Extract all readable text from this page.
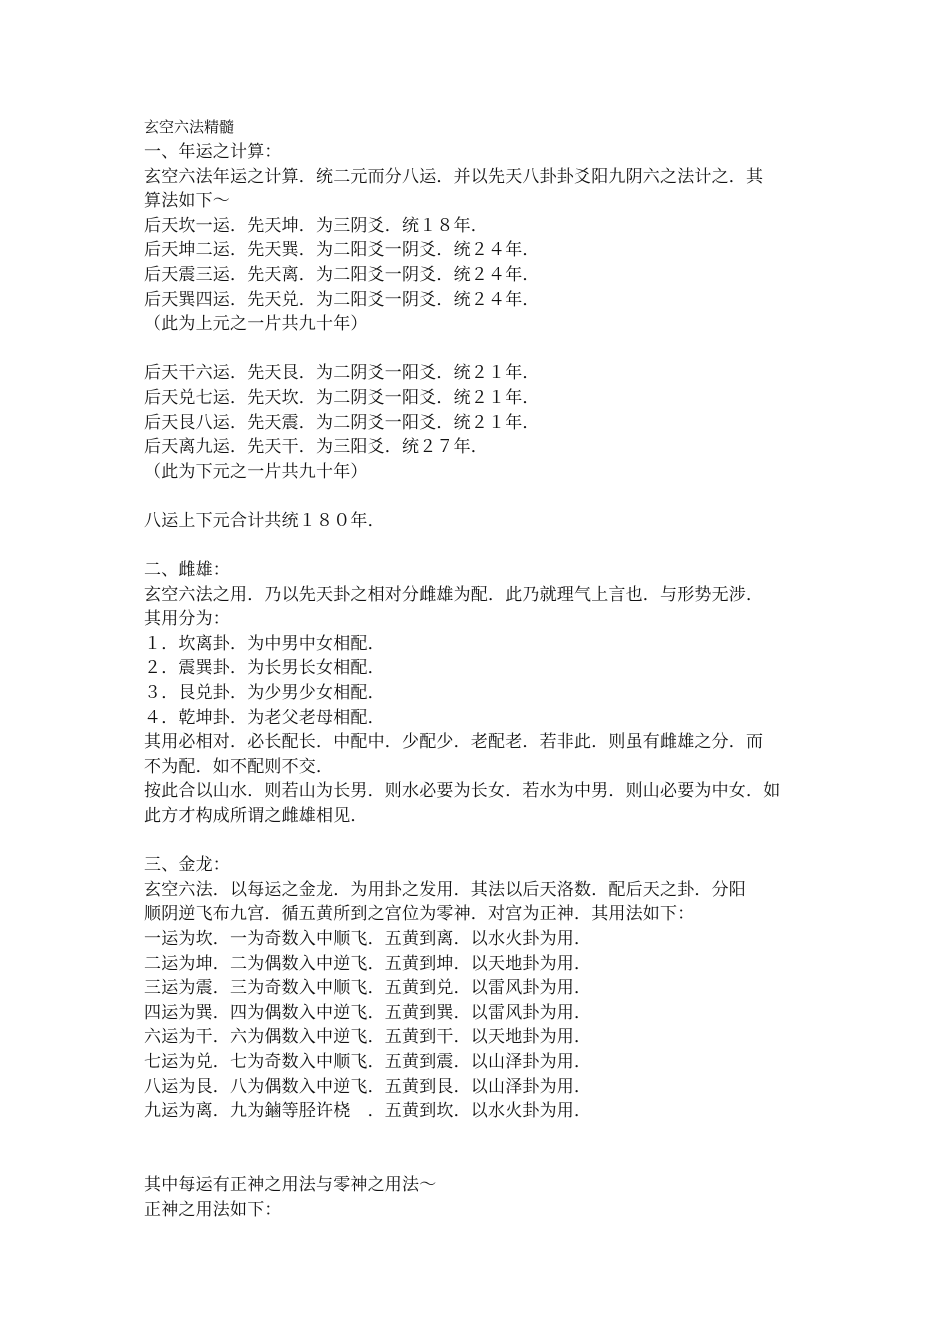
玄空六法精髓
一、年运之计算：
玄空六法年运之计算．统二元而分八运．并以先天八卦卦爻阳九阴六之法计之．其
算法如下～
后天坎一运．先天坤．为三阴爻．统１８年．
后天坤二运．先天巽．为二阳爻一阴爻．统２４年．
后天震三运．先天离．为二阳爻一阴爻．统２４年．
后天巽四运．先天兑．为二阳爻一阴爻．统２４年．
（此为上元之一片共九十年）
后天干六运．先天艮．为二阴爻一阳爻．统２１年．
后天兑七运．先天坎．为二阴爻一阳爻．统２１年．
后天艮八运．先天震．为二阴爻一阳爻．统２１年．
后天离九运．先天干．为三阳爻．统２７年．
（此为下元之一片共九十年）
八运上下元合计共统１８０年．
二、雌雄：
玄空六法之用．乃以先天卦之相对分雌雄为配．此乃就理气上言也．与形势无涉．
其用分为：
１．坎离卦．为中男中女相配．
２．震巽卦．为长男长女相配．
３．艮兑卦．为少男少女相配．
４．乾坤卦．为老父老母相配．
其用必相对．必长配长．中配中．少配少．老配老．若非此．则虽有雌雄之分．而
不为配．如不配则不交．
按此合以山水．则若山为长男．则水必要为长女．若水为中男．则山必要为中女．如
此方才构成所谓之雌雄相见．
三、金龙：
玄空六法．以每运之金龙．为用卦之发用．其法以后天洛数．配后天之卦．分阳
顺阴逆飞布九宫．循五黄所到之宫位为零神．对宫为正神．其用法如下：
一运为坎．一为奇数入中顺飞．五黄到离．以水火卦为用．
二运为坤．二为偶数入中逆飞．五黄到坤．以天地卦为用．
三运为震．三为奇数入中顺飞．五黄到兑．以雷风卦为用．
四运为巽．四为偶数入中逆飞．五黄到巽．以雷风卦为用．
六运为干．六为偶数入中逆飞．五黄到干．以天地卦为用．
七运为兑．七为奇数入中顺飞．五黄到震．以山泽卦为用．
八运为艮．八为偶数入中逆飞．五黄到艮．以山泽卦为用．
九运为离．九为鏀等胫许桡　．五黄到坎．以水火卦为用．
其中每运有正神之用法与零神之用法～
正神之用法如下：
